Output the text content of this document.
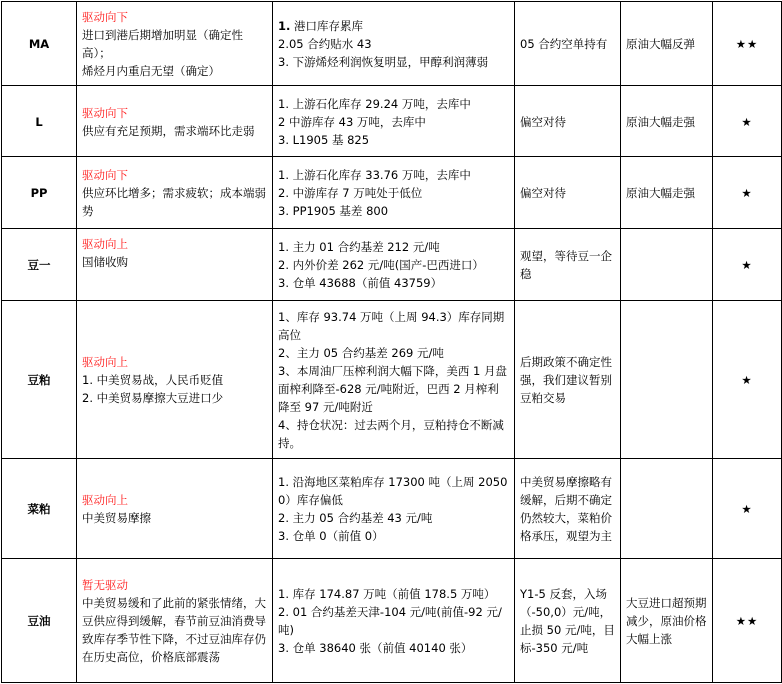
MA	驱动向下
进口到港后期增加明显（确定性高）；
烯烃月内重启无望（确定）	1. 港口库存累库
2.05 合约贴水 43
3. 下游烯烃利润恢复明显，甲醇利润薄弱	05 合约空单持有	原油大幅反弹	★★
L	驱动向下
供应有充足预期，需求端环比走弱	1. 上游石化库存 29.24 万吨，去库中
2 中游库存 43 万吨，去库中
3. L1905 基 825	偏空对待	原油大幅走强	★
PP	驱动向下
供应环比增多；需求疲软；成本端弱势	1. 上游石化库存 33.76 万吨，去库中
2. 中游库存 7 万吨处于低位
3. PP1905 基差 800	偏空对待	原油大幅走强	★
豆一	驱动向上
国储收购	1. 主力 01 合约基差 212 元/吨
2. 内外价差 262 元/吨(国产-巴西进口）
3. 仓单 43688（前值 43759）	观望，等待豆一企稳		★
豆粕	驱动向上
1. 中美贸易战，人民币贬值
2. 中美贸易摩擦大豆进口少	1、库存 93.74 万吨（上周 94.3）库存同期高位
2、主力 05 合约基差 269 元/吨
3、本周油厂压榨利润大幅下降，美西 1 月盘面榨利降至-628 元/吨附近，巴西 2 月榨利降至 97 元/吨附近
4、持仓状况：过去两个月，豆粕持仓不断减持。	后期政策不确定性强，我们建议暂别豆粕交易		★
菜粕	驱动向上
中美贸易摩擦	1. 沿海地区菜粕库存 17300 吨（上周 20500）库存偏低
2. 主力 05 合约基差 43 元/吨
3. 仓单 0（前值 0）	中美贸易摩擦略有缓解，后期不确定仍然较大，菜粕价格承压，观望为主		★
豆油	暂无驱动
中美贸易缓和了此前的紧张情绪，大豆供应得到缓解，春节前豆油消费导致库存季节性下降，不过豆油库存仍在历史高位，价格底部震荡	1. 库存 174.87 万吨（前值 178.5 万吨）
2. 01 合约基差天津-104 元/吨(前值-92 元/吨)
3. 仓单 38640 张（前值 40140 张）	Y1-5 反套，入场（-50,0）元/吨，止损 50 元/吨，目标-350 元/吨	大豆进口超预期减少，原油价格大幅上涨	★★
